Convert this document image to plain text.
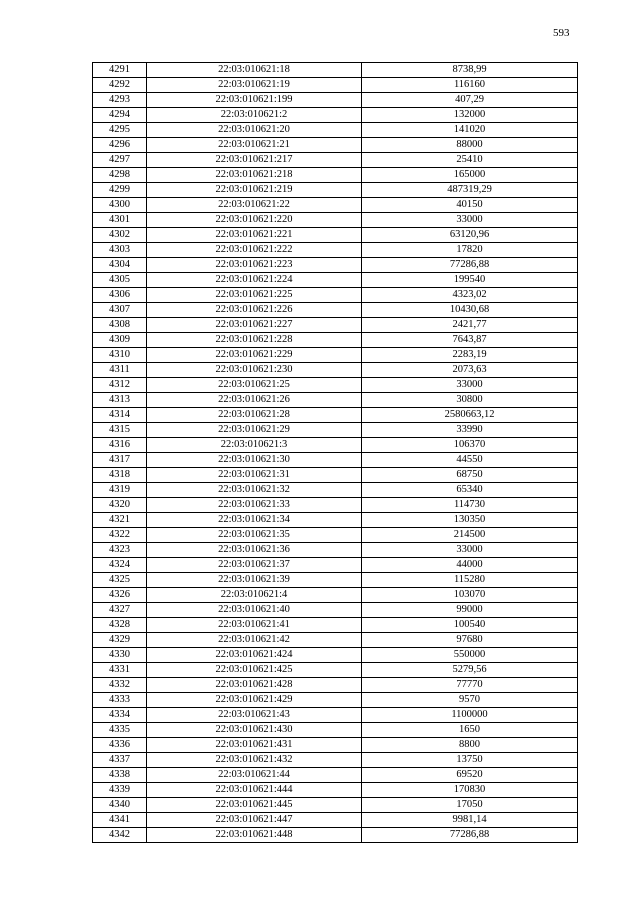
593
4291	22:03:010621:18	8738,99
4292	22:03:010621:19	116160
4293	22:03:010621:199	407,29
4294	22:03:010621:2	132000
4295	22:03:010621:20	141020
4296	22:03:010621:21	88000
4297	22:03:010621:217	25410
4298	22:03:010621:218	165000
4299	22:03:010621:219	487319,29
4300	22:03:010621:22	40150
4301	22:03:010621:220	33000
4302	22:03:010621:221	63120,96
4303	22:03:010621:222	17820
4304	22:03:010621:223	77286,88
4305	22:03:010621:224	199540
4306	22:03:010621:225	4323,02
4307	22:03:010621:226	10430,68
4308	22:03:010621:227	2421,77
4309	22:03:010621:228	7643,87
4310	22:03:010621:229	2283,19
4311	22:03:010621:230	2073,63
4312	22:03:010621:25	33000
4313	22:03:010621:26	30800
4314	22:03:010621:28	2580663,12
4315	22:03:010621:29	33990
4316	22:03:010621:3	106370
4317	22:03:010621:30	44550
4318	22:03:010621:31	68750
4319	22:03:010621:32	65340
4320	22:03:010621:33	114730
4321	22:03:010621:34	130350
4322	22:03:010621:35	214500
4323	22:03:010621:36	33000
4324	22:03:010621:37	44000
4325	22:03:010621:39	115280
4326	22:03:010621:4	103070
4327	22:03:010621:40	99000
4328	22:03:010621:41	100540
4329	22:03:010621:42	97680
4330	22:03:010621:424	550000
4331	22:03:010621:425	5279,56
4332	22:03:010621:428	77770
4333	22:03:010621:429	9570
4334	22:03:010621:43	1100000
4335	22:03:010621:430	1650
4336	22:03:010621:431	8800
4337	22:03:010621:432	13750
4338	22:03:010621:44	69520
4339	22:03:010621:444	170830
4340	22:03:010621:445	17050
4341	22:03:010621:447	9981,14
4342	22:03:010621:448	77286,88
